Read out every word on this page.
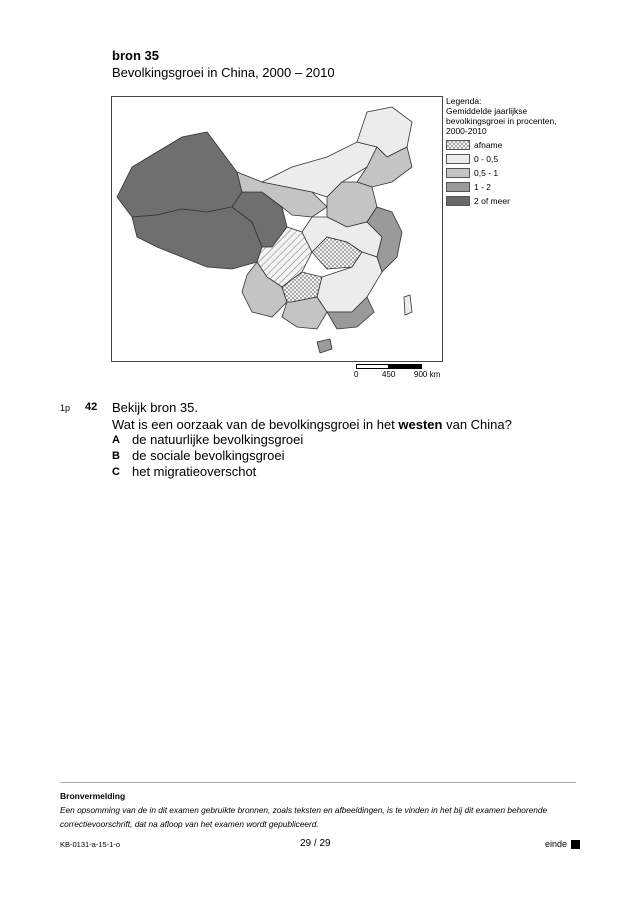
bron 35
Bevolkingsgroei in China, 2000 – 2010
Legenda:
Gemiddelde jaarlijkse
bevolkingsgroei in procenten,
2000-2010
afname
0 - 0,5
0,5 - 1
1 - 2
2 of meer
0	450 900 km
1p 42 Bekijk bron 35.
Wat is een oorzaak van de bevolkingsgroei in het westen van China?
A de natuurlijke bevolkingsgroei
B de sociale bevolkingsgroei
C het migratieoverschot
Bronvermelding
Een opsomming van de in dit examen gebruikte bronnen, zoals teksten en afbeeldingen, is te vinden in het bij dit examen behorende correctievoorschrift, dat na afloop van het examen wordt gepubliceerd.
KB-0131-a-15-1-o	29 / 29	einde
